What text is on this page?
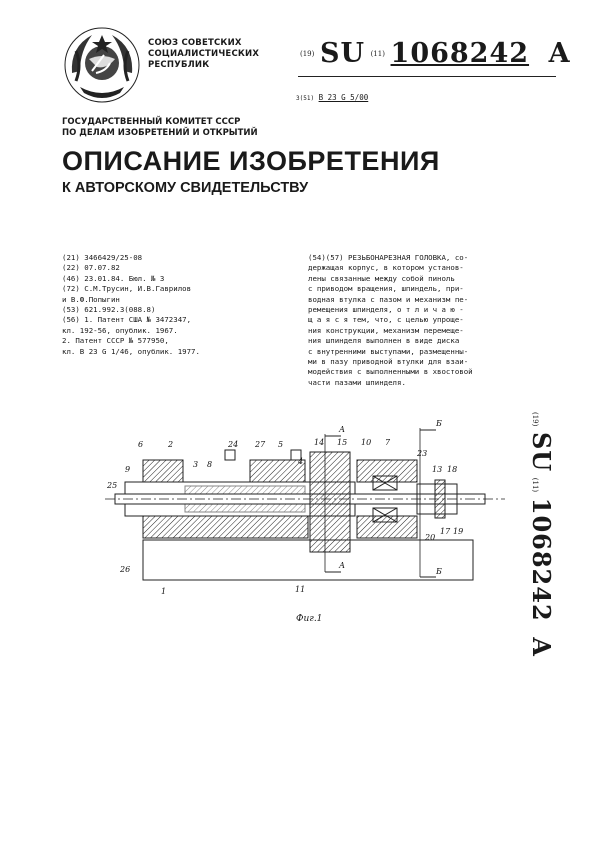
СОЮЗ СОВЕТСКИХ
СОЦИАЛИСТИЧЕСКИХ
РЕСПУБЛИК
$^{(19)}$ SU $^{(11)}$ 1068242 A
3(51) В 23 G 5/00
ГОСУДАРСТВЕННЫЙ КОМИТЕТ СССР
ПО ДЕЛАМ ИЗОБРЕТЕНИЙ И ОТКРЫТИЙ
ОПИСАНИЕ ИЗОБРЕТЕНИЯ
К АВТОРСКОМУ СВИДЕТЕЛЬСТВУ
(21) 3466429/25-08
(22) 07.07.82
(46) 23.01.84. Бюл. № 3
(72) С.М.Трусин, И.В.Гаврилов
и В.Ф.Попыгин
(53) 621.992.3(088.8)
(56) 1. Патент США № 3472347,
кл. 192-56, опублик. 1967.
2. Патент СССР № 577950,
кл. В 23 G 1/46, опублик. 1977.
(54)(57) РЕЗЬБОНАРЕЗНАЯ ГОЛОВКА, со-
держащая корпус, в котором установ-
лены связанные между собой пиноль
с приводом вращения, шпиндель, при-
водная втулка с пазом и механизм пе-
ремещения шпинделя, о т л и ч а ю -
щ а я с я тем, что, с целью упроще-
ния конструкции, механизм перемеще-
ния шпинделя выполнен в виде диска
с внутренними выступами, размещенны-
ми в пазу приводной втулки для взаи-
модействия с выполненными в хвостовой
части пазами шпинделя.
6	2
3 8
24 27 5
4
14 15 10 7
23
13 18
9
25
26
1	11
20
17 19
А
А
Б
Б
Фиг.1
(19) SU (11) 1068242 A
